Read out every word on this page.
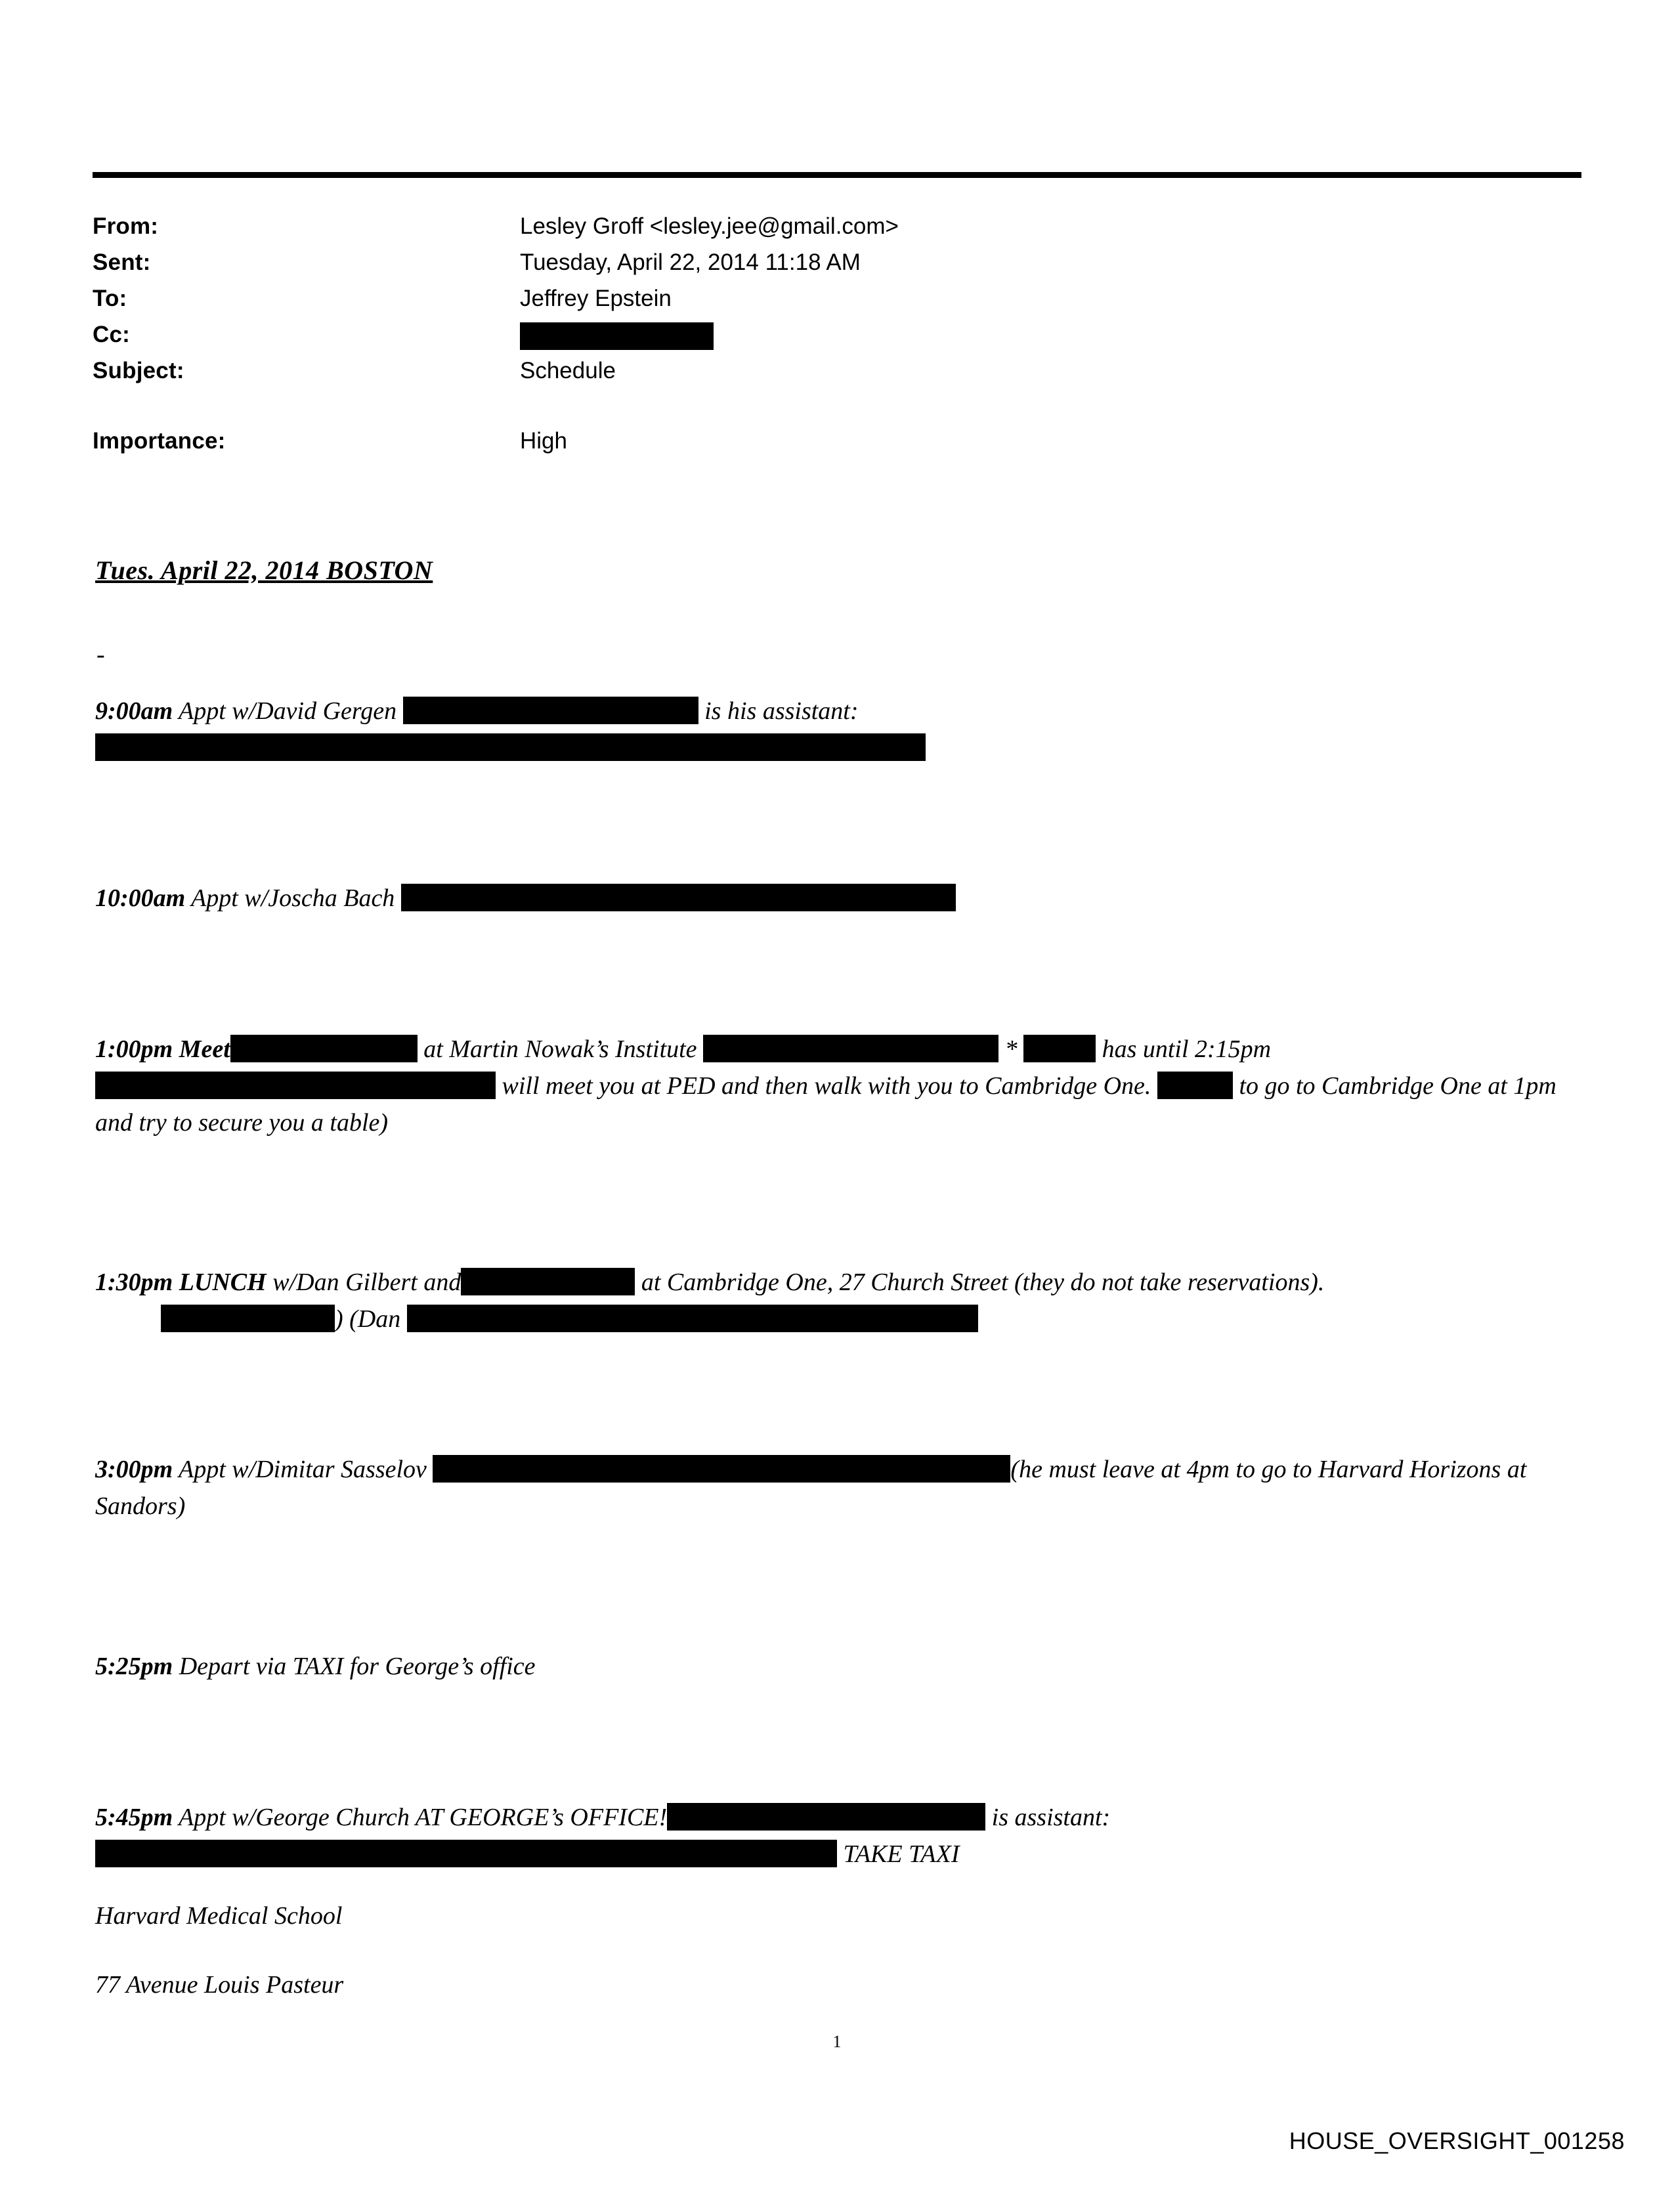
From:	Lesley Groff <lesley.jee@gmail.com>
Sent:	Tuesday, April 22, 2014 11:18 AM
To:	Jeffrey Epstein
Cc:
Subject:	Schedule
Importance:	High
Tues. April 22, 2014 BOSTON
-
9:00am Appt w/David Gergen	is his assistant:

10:00am Appt w/Joscha Bach
1:00pm Meet	at Martin Nowak’s Institute	*	has until 2:15pm
will meet you at PED and then walk with you to Cambridge One.	to go to Cambridge One at 1pm and try to secure you a table)
1:30pm LUNCH w/Dan Gilbert and	at Cambridge One, 27 Church Street (they do not take reservations).
) (Dan
3:00pm Appt w/Dimitar Sasselov	(he must leave at 4pm to go to Harvard Horizons at Sandors)
5:25pm Depart via TAXI for George’s office
5:45pm Appt w/George Church AT GEORGE’s OFFICE!	is assistant:
TAKE TAXI
Harvard Medical School
77 Avenue Louis Pasteur
1
HOUSE_OVERSIGHT_001258
